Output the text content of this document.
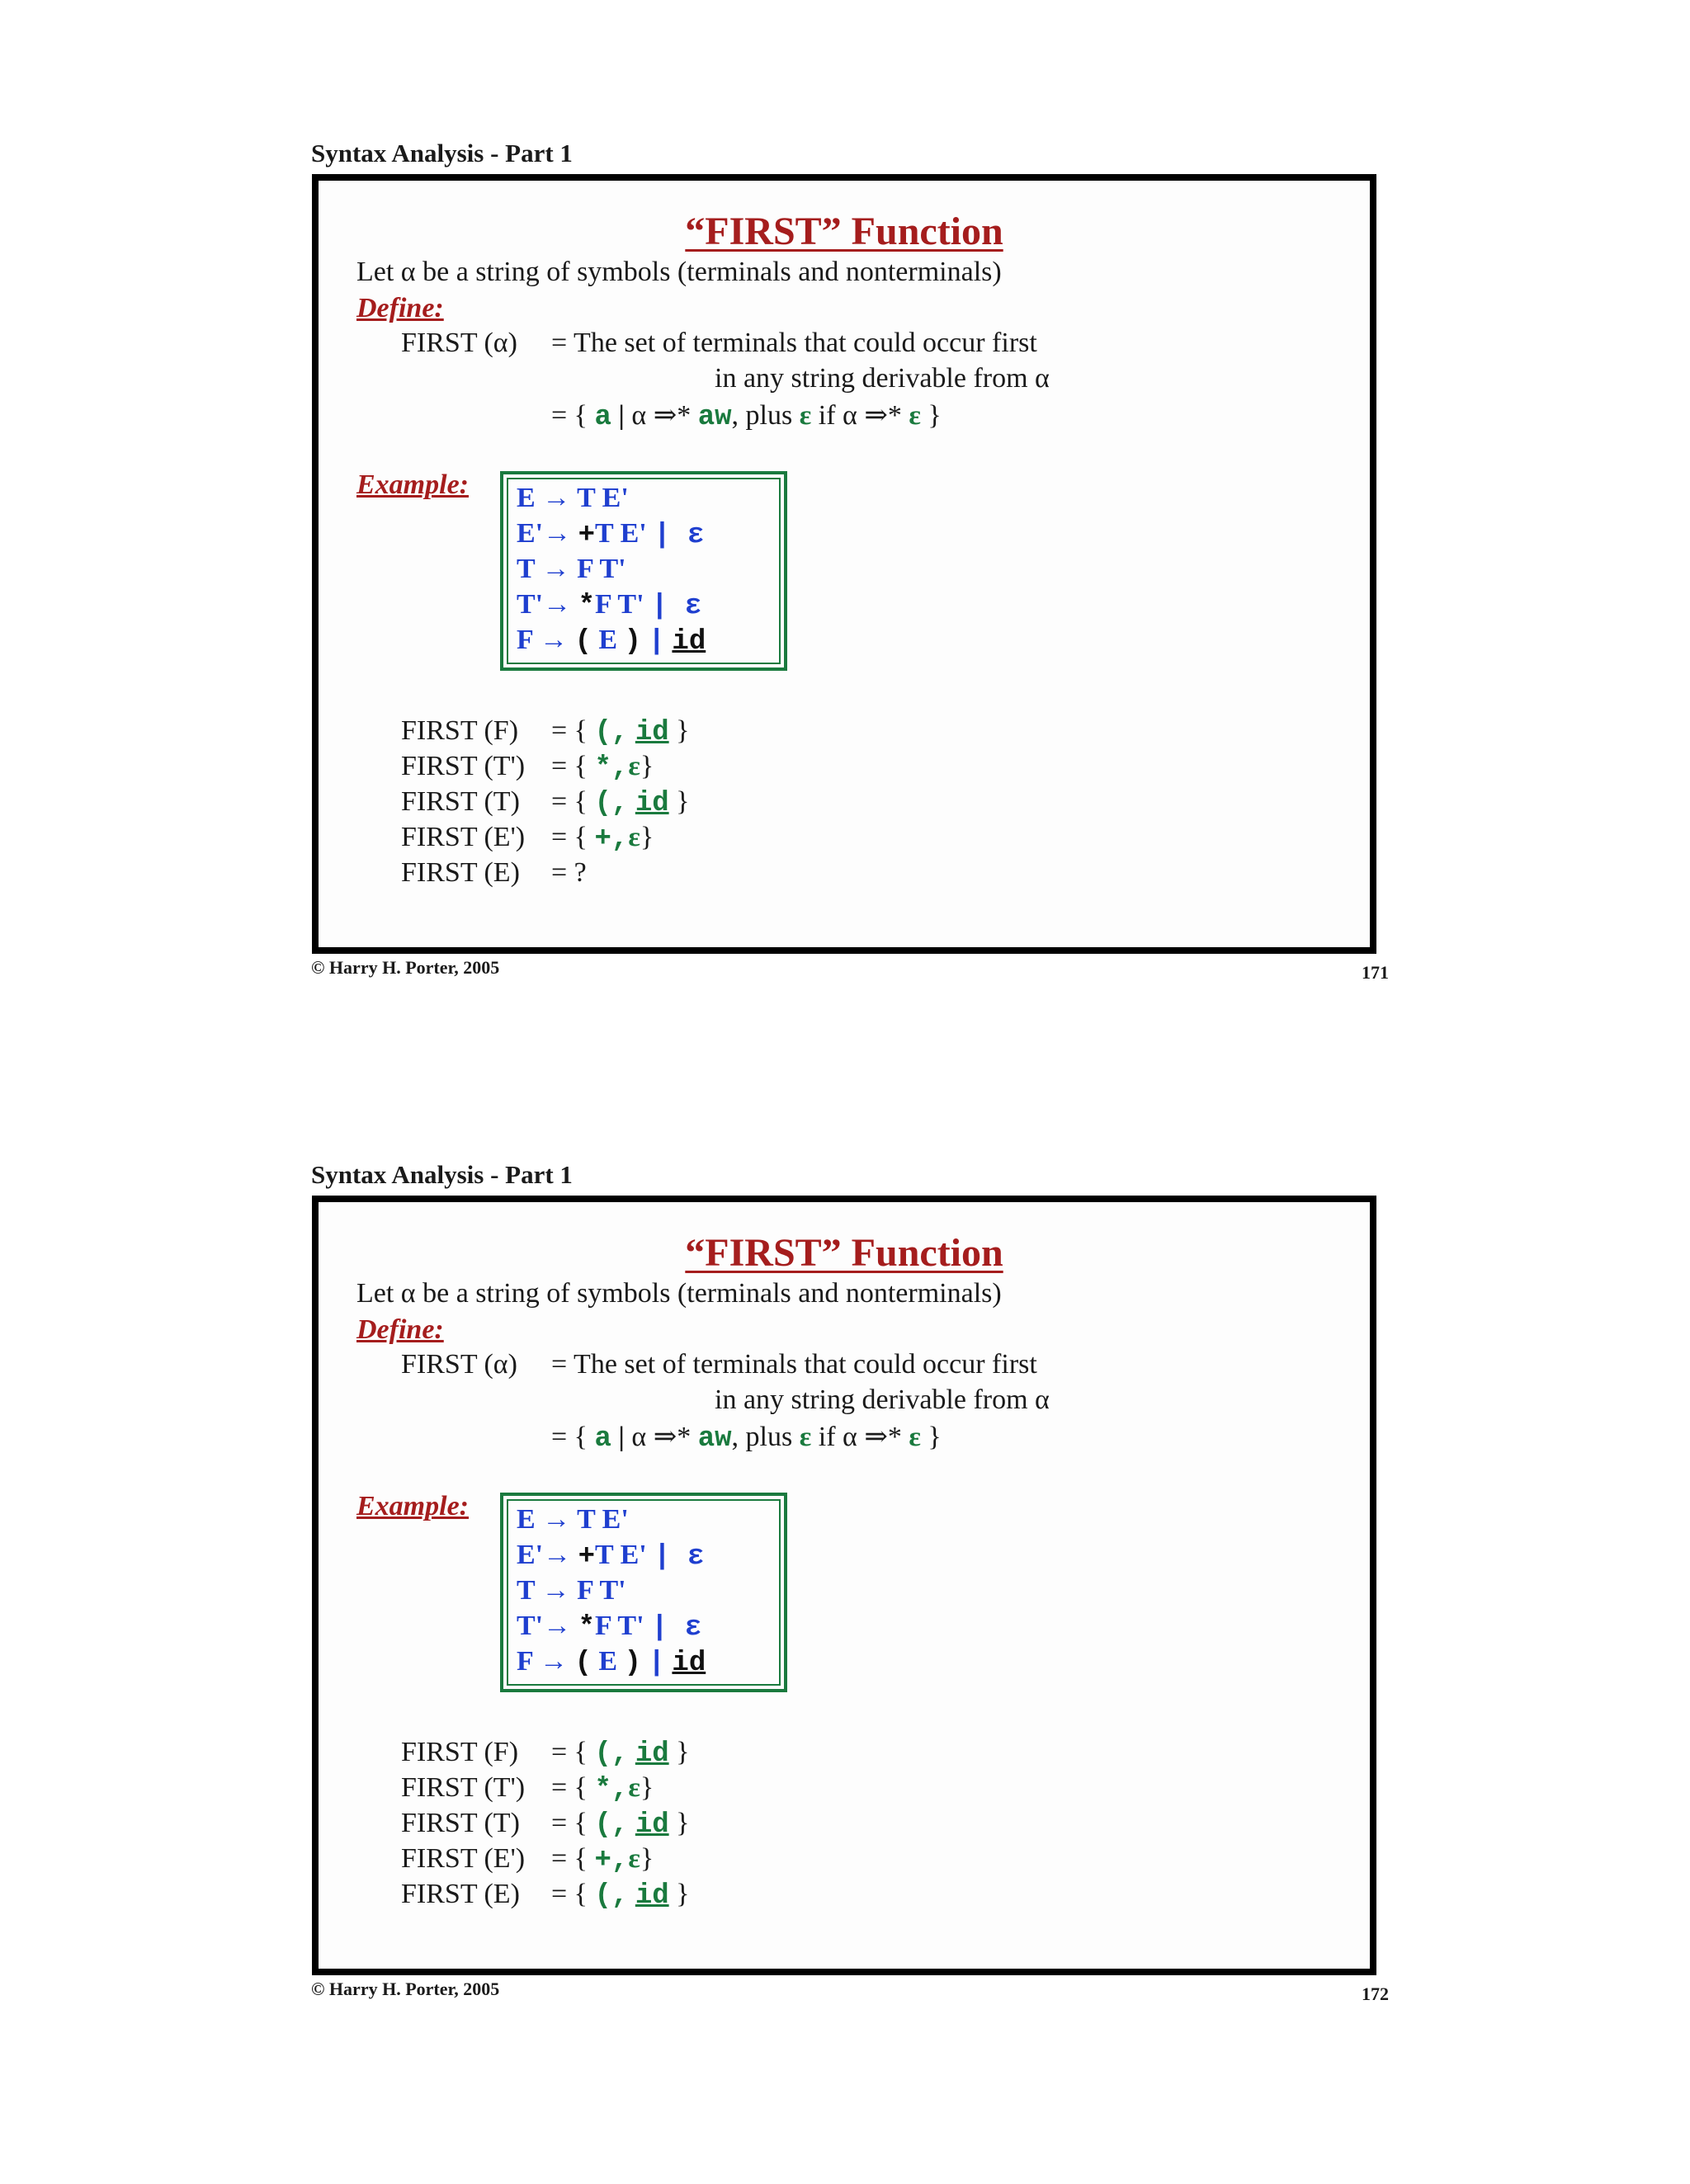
Syntax Analysis - Part 1
“FIRST” Function
Let α be a string of symbols (terminals and nonterminals)
Define:
FIRST (α) = The set of terminals that could occur first
in any string derivable from α
= { a | α ⇒* aw, plus ε if α ⇒* ε }
Example: E → T E'
E'→ +T E' | ε
T → F T'
T'→ *F T' | ε
F → ( E ) | id
FIRST (F) = { (, id }
FIRST (T') = { *,ε}
FIRST (T) = { (, id }
FIRST (E') = { +,ε}
FIRST (E) = ?
© Harry H. Porter, 2005	171
Syntax Analysis - Part 1
“FIRST” Function
Let α be a string of symbols (terminals and nonterminals)
Define:
FIRST (α) = The set of terminals that could occur first
in any string derivable from α
= { a | α ⇒* aw, plus ε if α ⇒* ε }
Example: E → T E'
E'→ +T E' | ε
T → F T'
T'→ *F T' | ε
F → ( E ) | id
FIRST (F) = { (, id }
FIRST (T') = { *,ε}
FIRST (T) = { (, id }
FIRST (E') = { +,ε}
FIRST (E) = { (, id }
© Harry H. Porter, 2005	172
